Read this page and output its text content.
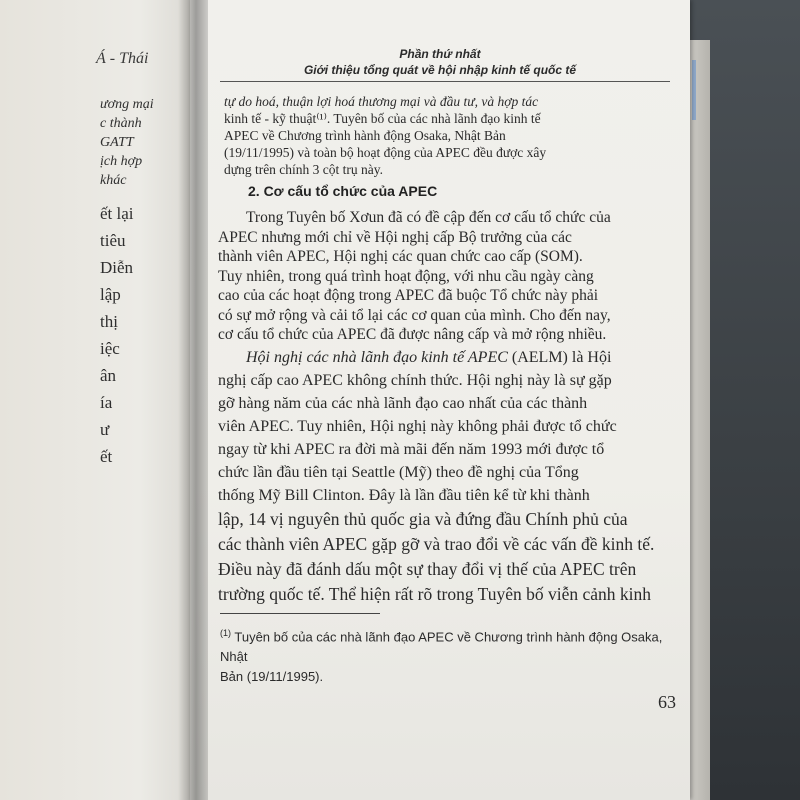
Á - Thái
ương mại
c thành
GATT
ịch hợp
khác
ết lại
tiêu
Diễn
lập
thị
iệc
ân
ía
ư
ết
Phần thứ nhất
Giới thiệu tổng quát về hội nhập kinh tế quốc tế
tự do hoá, thuận lợi hoá thương mại và đầu tư, và hợp tác
kinh tế - kỹ thuật⁽¹⁾. Tuyên bố của các nhà lãnh đạo kinh tế
APEC về Chương trình hành động Osaka, Nhật Bản
(19/11/1995) và toàn bộ hoạt động của APEC đều được xây
dựng trên chính 3 cột trụ này.
2. Cơ cấu tổ chức của APEC
Trong Tuyên bố Xơun đã có đề cập đến cơ cấu tổ chức của
APEC nhưng mới chỉ về Hội nghị cấp Bộ trưởng của các
thành viên APEC, Hội nghị các quan chức cao cấp (SOM).
Tuy nhiên, trong quá trình hoạt động, với nhu cầu ngày càng
cao của các hoạt động trong APEC đã buộc Tổ chức này phải
có sự mở rộng và cải tổ lại các cơ quan của mình. Cho đến nay,
cơ cấu tổ chức của APEC đã được nâng cấp và mở rộng nhiều.
Hội nghị các nhà lãnh đạo kinh tế APEC (AELM) là Hội
nghị cấp cao APEC không chính thức. Hội nghị này là sự gặp
gỡ hàng năm của các nhà lãnh đạo cao nhất của các thành
viên APEC. Tuy nhiên, Hội nghị này không phải được tổ chức
ngay từ khi APEC ra đời mà mãi đến năm 1993 mới được tổ
chức lần đầu tiên tại Seattle (Mỹ) theo đề nghị của Tổng
thống Mỹ Bill Clinton. Đây là lần đầu tiên kể từ khi thành
lập, 14 vị nguyên thủ quốc gia và đứng đầu Chính phủ của
các thành viên APEC gặp gỡ và trao đổi về các vấn đề kinh tế.
Điều này đã đánh dấu một sự thay đổi vị thế của APEC trên
trường quốc tế. Thể hiện rất rõ trong Tuyên bố viễn cảnh kinh
$^{(1)}$ Tuyên bố của các nhà lãnh đạo APEC về Chương trình hành động Osaka, Nhật
Bản (19/11/1995).
63
